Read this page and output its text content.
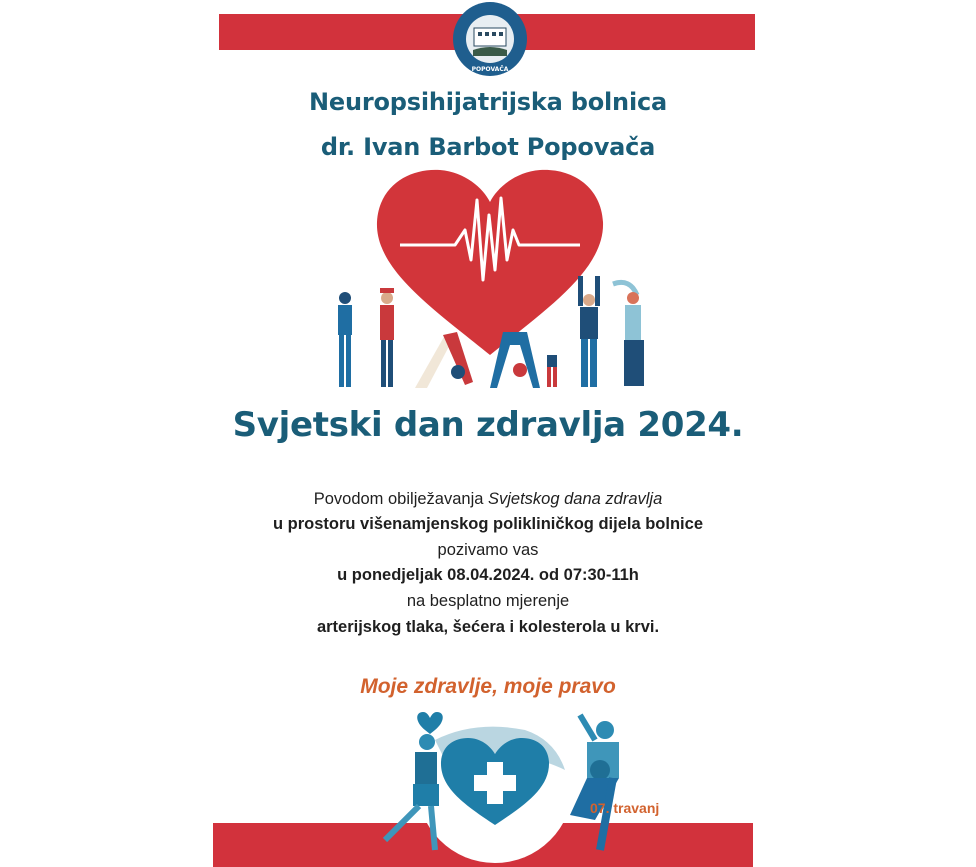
POPOVAČA
Neuropsihijatrijska bolnica
dr. Ivan Barbot Popovača
Svjetski dan zdravlja 2024.
Povodom obilježavanja Svjetskog dana zdravlja
u prostoru višenamjenskog polikliničkog dijela bolnice
pozivamo vas
u ponedjeljak 08.04.2024. od 07:30-11h
na besplatno mjerenje
arterijskog tlaka, šećera i kolesterola u krvi.
Moje zdravlje, moje pravo
07. travanj
